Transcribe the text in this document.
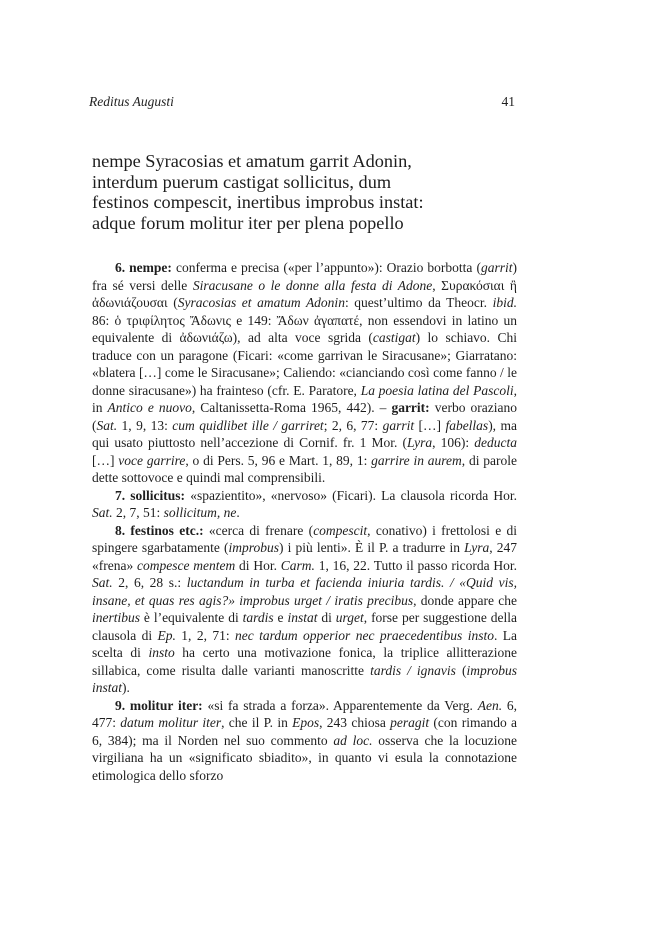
Reditus Augusti	41
nempe Syracosias et amatum garrit Adonin,
interdum puerum castigat sollicitus, dum
festinos compescit, inertibus improbus instat:
adque forum molitur iter per plena popello

6. nempe: conferma e precisa («per l’appunto»): Orazio borbotta (garrit) fra sé versi delle Siracusane o le donne alla festa di Adone, Συρακόσιαι ἢ ἀδωνιάζουσαι (Syracosias et amatum Adonin: quest’ultimo da Theocr. ibid. 86: ὁ τριφίλητος Ἄδωνις e 149: Ἄδων ἀγαπατέ, non essendovi in latino un equivalente di ἀδωνιάζω), ad alta voce sgrida (castigat) lo schiavo. Chi traduce con un paragone (Ficari: «come garrivan le Siracusane»; Giarratano: «blatera […] come le Siracusane»; Caliendo: «cianciando così come fanno / le donne siracusane») ha frainteso (cfr. E. Paratore, La poesia latina del Pascoli, in Antico e nuovo, Caltanissetta-Roma 1965, 442). – garrit: verbo oraziano (Sat. 1, 9, 13: cum quidlibet ille / garriret; 2, 6, 77: garrit […] fabellas), ma qui usato piuttosto nell’accezione di Cornif. fr. 1 Mor. (Lyra, 106): deducta […] voce garrire, o di Pers. 5, 96 e Mart. 1, 89, 1: garrire in aurem, di parole dette sottovoce e quindi mal comprensibili.

7. sollicitus: «spazientito», «nervoso» (Ficari). La clausola ricorda Hor. Sat. 2, 7, 51: sollicitum, ne.

8. festinos etc.: «cerca di frenare (compescit, conativo) i frettolosi e di spingere sgarbatamente (improbus) i più lenti». È il P. a tradurre in Lyra, 247 «frena» compesce mentem di Hor. Carm. 1, 16, 22. Tutto il passo ricorda Hor. Sat. 2, 6, 28 s.: luctandum in turba et facienda iniuria tardis. / «Quid vis, insane, et quas res agis?» improbus urget / iratis precibus, donde appare che inertibus è l’equivalente di tardis e instat di urget, forse per suggestione della clausola di Ep. 1, 2, 71: nec tardum opperior nec praecedentibus insto. La scelta di insto ha certo una motivazione fonica, la triplice allitterazione sillabica, come risulta dalle varianti manoscritte tardis / ignavis (improbus instat).

9. molitur iter: «si fa strada a forza». Apparentemente da Verg. Aen. 6, 477: datum molitur iter, che il P. in Epos, 243 chiosa peragit (con rimando a 6, 384); ma il Norden nel suo commento ad loc. osserva che la locuzione virgiliana ha un «significato sbiadito», in quanto vi esula la connotazione etimologica dello sforzo
